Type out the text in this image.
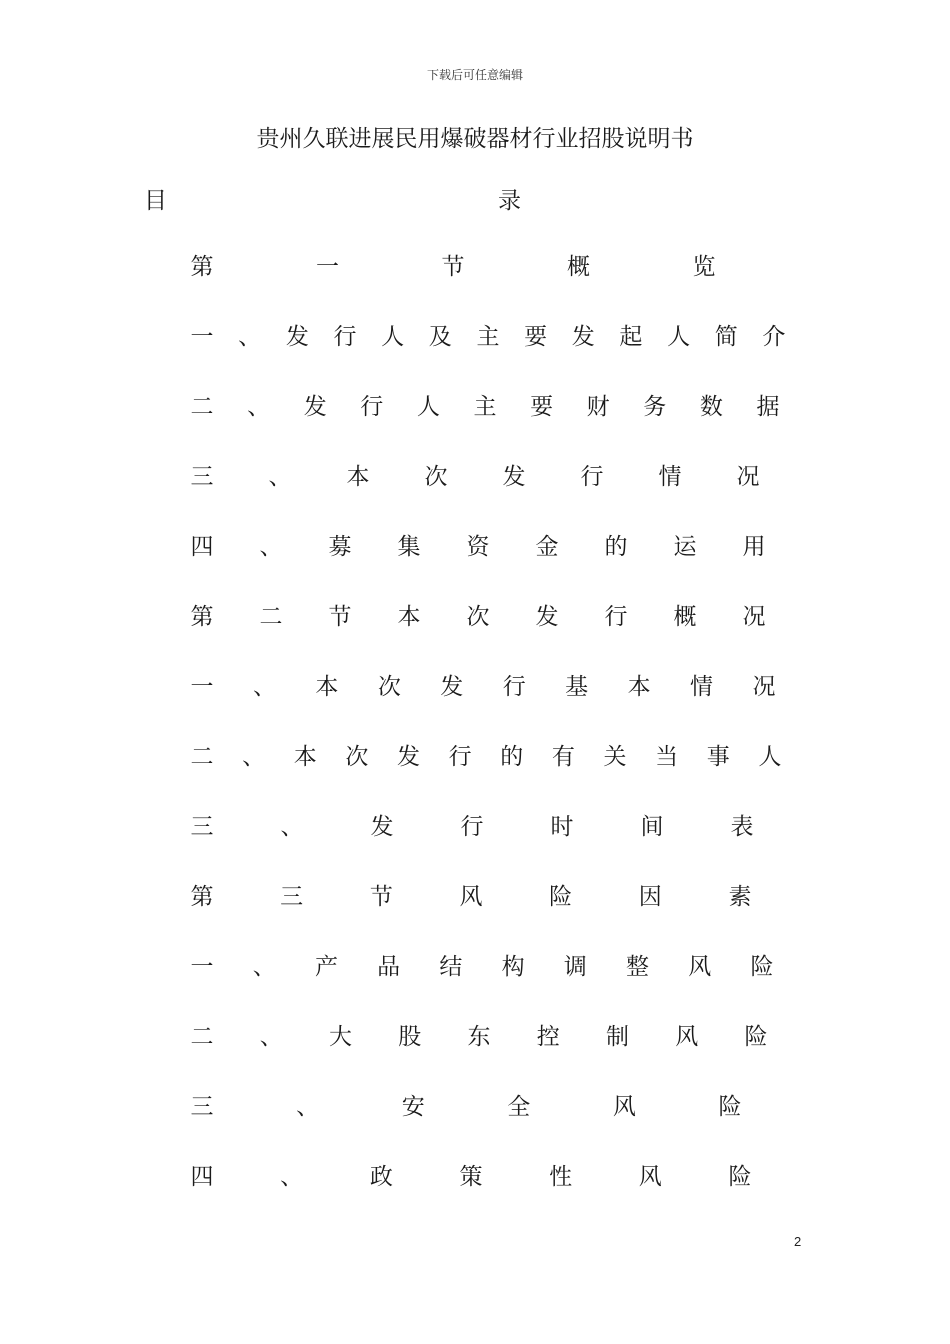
下载后可任意编辑
贵州久联进展民用爆破器材行业招股说明书
目	录
第	一	节	概	览
一 、 发 行 人 及 主 要 发 起 人 简 介
二 、 发 行 人 主 要 财 务 数 据
三 、 本 次 发 行 情 况
四 、 募 集 资 金 的 运 用
第 二 节 本 次 发 行 概 况
一 、 本 次 发 行 基 本 情 况
二 、 本 次 发 行 的 有 关 当 事 人
三	、	发	行	时	间	表
第	三	节	风	险	因	素
一 、 产 品 结 构 调 整 风 险
二 、 大 股 东 控 制 风 险
三	、	安	全	风	险
四	、	政	策	性	风	险
2
